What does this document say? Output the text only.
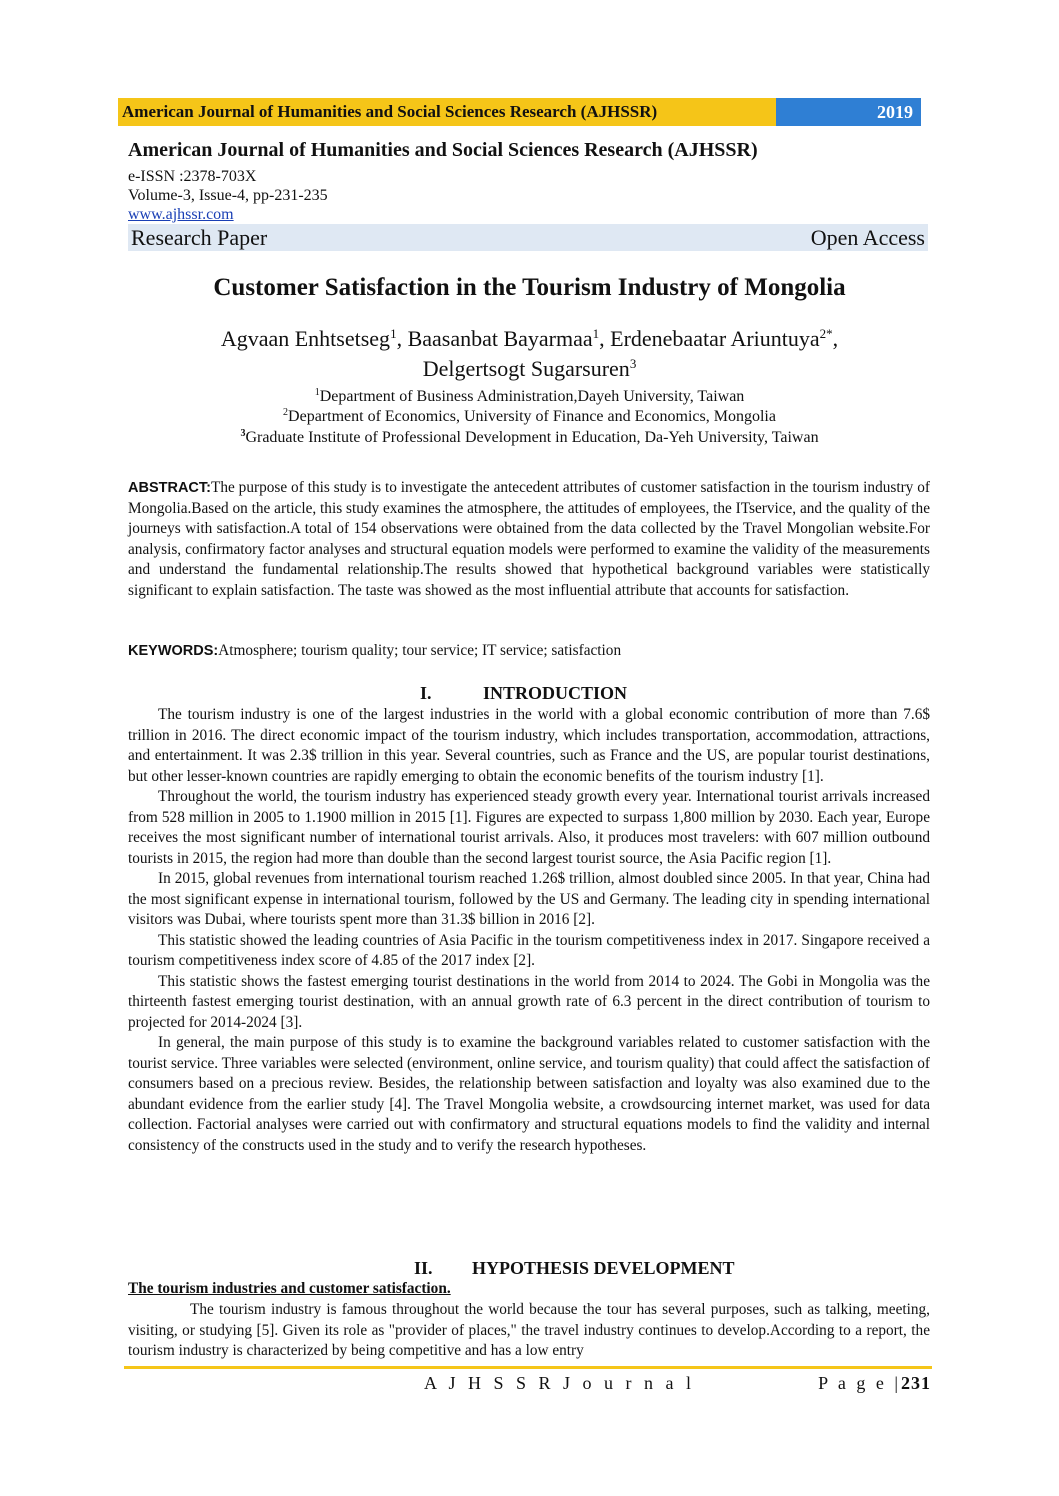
American Journal of Humanities and Social Sciences Research (AJHSSR)	2019
American Journal of Humanities and Social Sciences Research (AJHSSR)
e-ISSN :2378-703X
Volume-3, Issue-4, pp-231-235
www.ajhssr.com
Research Paper	Open Access
Customer Satisfaction in the Tourism Industry of Mongolia
Agvaan Enhtsetseg$^1$, Baasanbat Bayarmaa$^1$, Erdenebaatar Ariuntuya$^{2*}$,
Delgertsogt Sugarsuren$^3$
$^1$Department of Business Administration,Dayeh University, Taiwan
$^2$Department of Economics, University of Finance and Economics, Mongolia
$^3$Graduate Institute of Professional Development in Education, Da-Yeh University, Taiwan

ABSTRACT:The purpose of this study is to investigate the antecedent attributes of customer satisfaction in the tourism industry of Mongolia.Based on the article, this study examines the atmosphere, the attitudes of employees, the ITservice, and the quality of the journeys with satisfaction.A total of 154 observations were obtained from the data collected by the Travel Mongolian website.For analysis, confirmatory factor analyses and structural equation models were performed to examine the validity of the measurements and understand the fundamental relationship.The results showed that hypothetical background variables were statistically significant to explain satisfaction. The taste was showed as the most influential attribute that accounts for satisfaction.

KEYWORDS:Atmosphere; tourism quality; tour service; IT service; satisfaction

I.	INTRODUCTION

The tourism industry is one of the largest industries in the world with a global economic contribution of more than 7.6$ trillion in 2016. The direct economic impact of the tourism industry, which includes transportation, accommodation, attractions, and entertainment. It was 2.3$ trillion in this year. Several countries, such as France and the US, are popular tourist destinations, but other lesser-known countries are rapidly emerging to obtain the economic benefits of the tourism industry [1].

Throughout the world, the tourism industry has experienced steady growth every year. International tourist arrivals increased from 528 million in 2005 to 1.1900 million in 2015 [1]. Figures are expected to surpass 1,800 million by 2030. Each year, Europe receives the most significant number of international tourist arrivals. Also, it produces most travelers: with 607 million outbound tourists in 2015, the region had more than double than the second largest tourist source, the Asia Pacific region [1].

In 2015, global revenues from international tourism reached 1.26$ trillion, almost doubled since 2005. In that year, China had the most significant expense in international tourism, followed by the US and Germany. The leading city in spending international visitors was Dubai, where tourists spent more than 31.3$ billion in 2016 [2].

This statistic showed the leading countries of Asia Pacific in the tourism competitiveness index in 2017. Singapore received a tourism competitiveness index score of 4.85 of the 2017 index [2].

This statistic shows the fastest emerging tourist destinations in the world from 2014 to 2024. The Gobi in Mongolia was the thirteenth fastest emerging tourist destination, with an annual growth rate of 6.3 percent in the direct contribution of tourism to projected for 2014-2024 [3].

In general, the main purpose of this study is to examine the background variables related to customer satisfaction with the tourist service. Three variables were selected (environment, online service, and tourism quality) that could affect the satisfaction of consumers based on a precious review. Besides, the relationship between satisfaction and loyalty was also examined due to the abundant evidence from the earlier study [4]. The Travel Mongolia website, a crowdsourcing internet market, was used for data collection. Factorial analyses were carried out with confirmatory and structural equations models to find the validity and internal consistency of the constructs used in the study and to verify the research hypotheses.

II. HYPOTHESIS DEVELOPMENT
The tourism industries and customer satisfaction.

The tourism industry is famous throughout the world because the tour has several purposes, such as talking, meeting, visiting, or studying [5]. Given its role as "provider of places," the travel industry continues to develop.According to a report, the tourism industry is characterized by being competitive and has a low entry

A J H S S R J o u r n a l	P a g e |231
